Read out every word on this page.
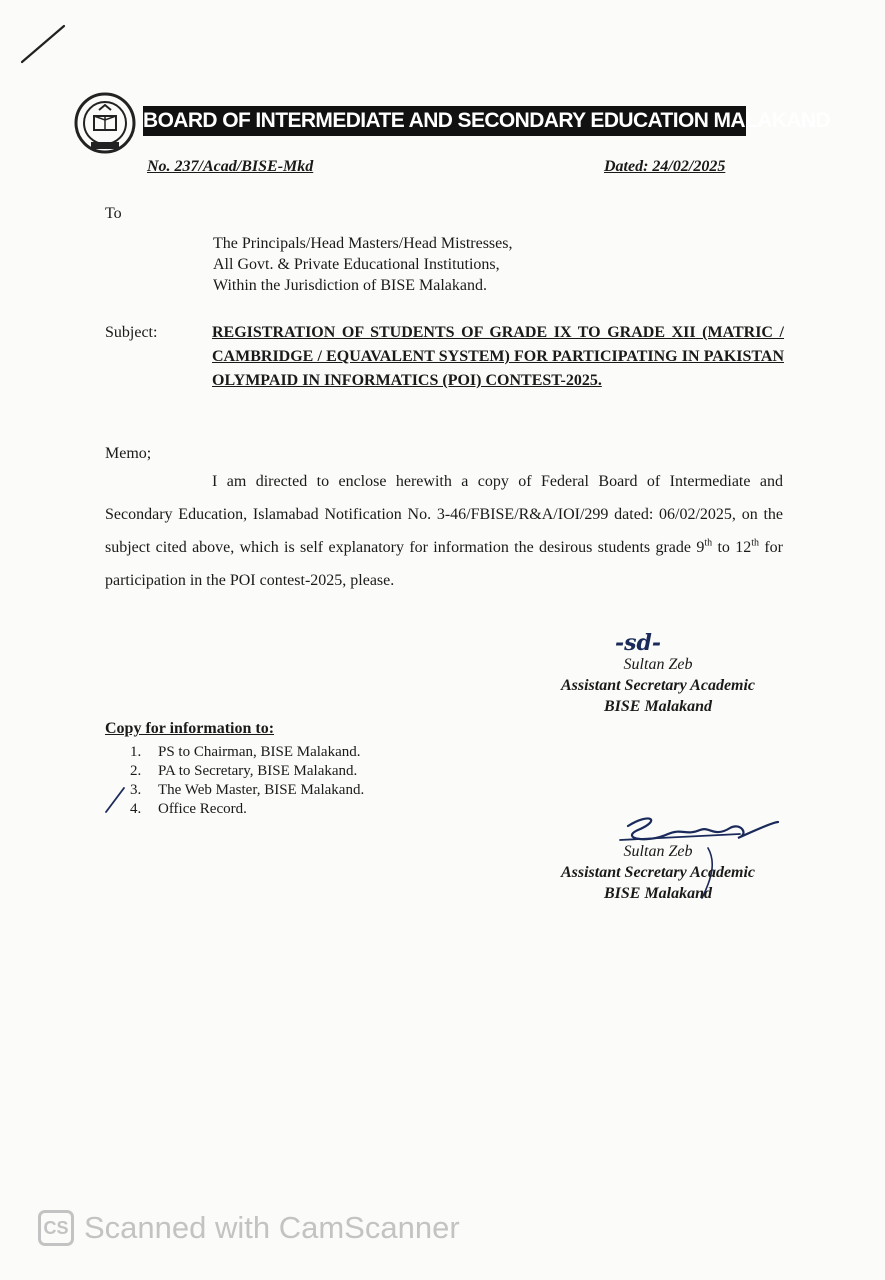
BOARD OF INTERMEDIATE AND SECONDARY EDUCATION MALAKAND
No. 237/Acad/BISE-Mkd	Dated: 24/02/2025
To
The Principals/Head Masters/Head Mistresses,
All Govt. & Private Educational Institutions,
Within the Jurisdiction of BISE Malakand.
Subject:	REGISTRATION OF STUDENTS OF GRADE IX TO GRADE XII (MATRIC / CAMBRIDGE / EQUAVALENT SYSTEM) FOR PARTICIPATING IN PAKISTAN OLYMPAID IN INFORMATICS (POI) CONTEST-2025.
Memo;
I am directed to enclose herewith a copy of Federal Board of Intermediate and Secondary Education, Islamabad Notification No. 3-46/FBISE/R&A/IOI/299 dated: 06/02/2025, on the subject cited above, which is self explanatory for information the desirous students grade 9th to 12th for participation in the POI contest-2025, please.
-sd-
Sultan Zeb
Assistant Secretary Academic
BISE Malakand
Copy for information to:
1. PS to Chairman, BISE Malakand.
2. PA to Secretary, BISE Malakand.
3. The Web Master, BISE Malakand.
4. Office Record.
Sultan Zeb
Assistant Secretary Academic
BISE Malakand
CS Scanned with CamScanner
